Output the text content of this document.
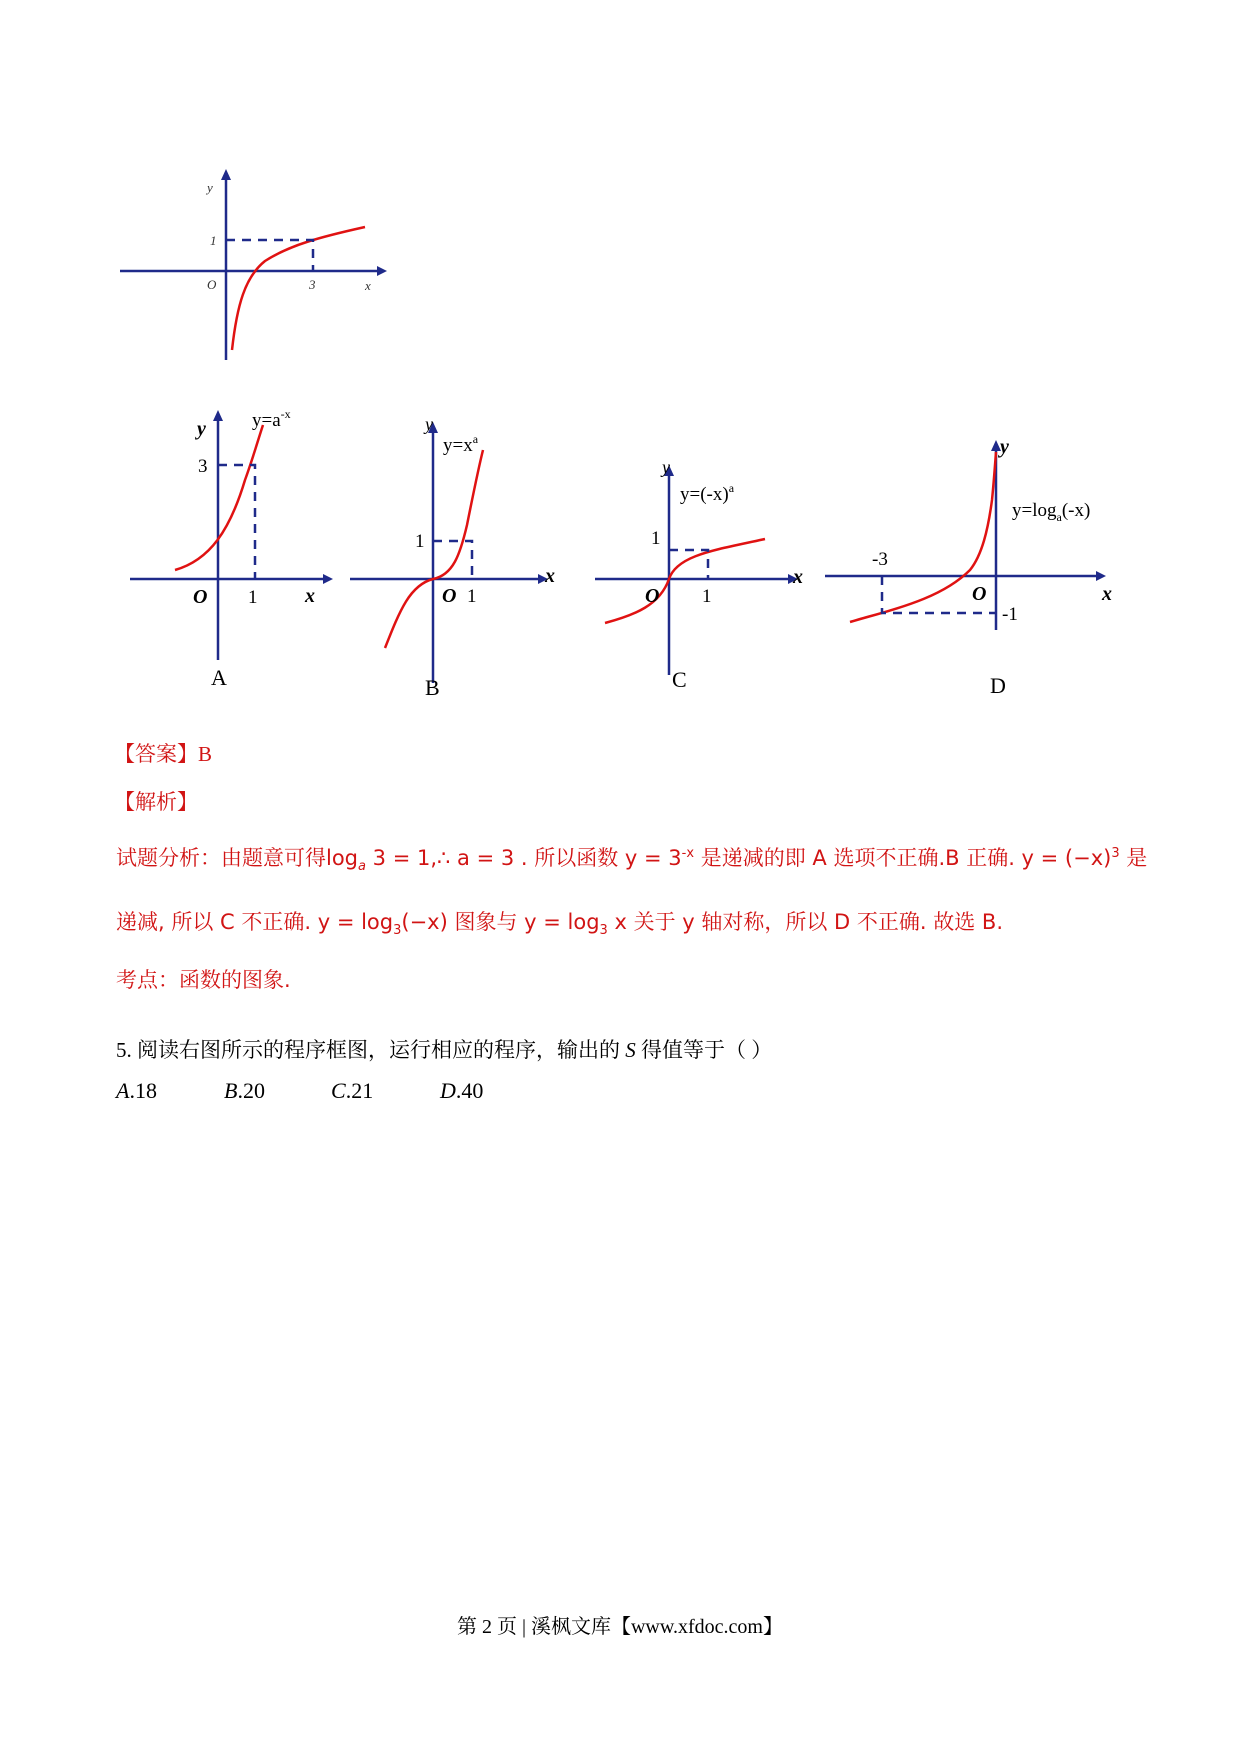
y
x
O
1
3
y
x
O
3
1
$y=a^{-x}$
A
y
x
O
1
1
$y=x^a$
B
y
x
O
1
1
$y=(-x)^a$
C
y
x
O
-3
-1
$y=\log_a(-x)$
D
【答案】B
【解析】
试题分析：由题意可得$\log_a 3$ = 1,∴ a = 3 . 所以函数 $y = 3^{-x}$ 是递减的即 A 选项不正确.B 正确. $y = (-x)^3$ 是
递减, 所以 C 不正确. $y = \log_3(-x)$ 图象与 $y = \log_3 x$ 关于 y 轴对称，所以 D 不正确. 故选 B.
考点：函数的图象.
5. 阅读右图所示的程序框图，运行相应的程序，输出的 S 得值等于（ ）
A.18	B.20	C.21	D.40
第 2 页 | 溪枫文库【www.xfdoc.com】
